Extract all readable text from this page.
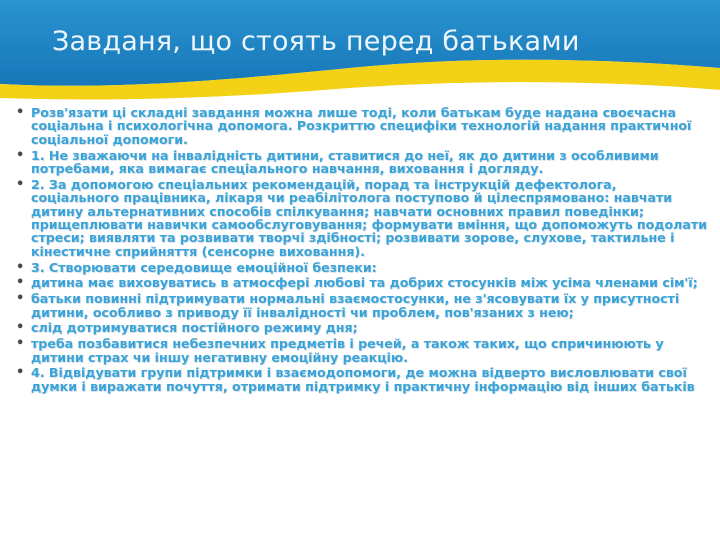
Завданя, що стоять перед батьками
• Розв'язати ці складні завдання можна лише тоді, коли батькам буде надана своєчасна соціальна і психологічна допомога. Розкриттю специфіки технологій надання практичної соціальної допомоги.
• 1. Не зважаючи на інвалідність дитини, ставитися до неї, як до дитини з особливими потребами, яка вимагає спеціального навчання, виховання і догляду.
• 2. За допомогою спеціальних рекомендацій, порад та інструкцій дефектолога, соціального працівника, лікаря чи реабілітолога поступово й цілеспрямовано: навчати дитину альтернативних способів спілкування; навчати основних правил поведінки; прищеплювати навички самообслуговування; формувати вміння, що допоможуть подолати стреси; виявляти та розвивати творчі здібності; розвивати зорове, слухове, тактильне і кінестичне сприйняття (сенсорне виховання).
• 3. Створювати середовище емоційної безпеки:
• дитина має виховуватись в атмосфері любові та добрих стосунків між усіма членами сім'ї;
• батьки повинні підтримувати нормальні взаємостосунки, не з'ясовувати їх у присутності дитини, особливо з приводу її інвалідності чи проблем, пов'язаних з нею;
• слід дотримуватися постійного режиму дня;
• треба позбавитися небезпечних предметів і речей, а також таких, що спричинюють у дитини страх чи іншу негативну емоційну реакцію.
• 4. Відвідувати групи підтримки і взаємодопомоги, де можна відверто висловлювати свої думки і виражати почуття, отримати підтримку і практичну інформацію від інших батьків
